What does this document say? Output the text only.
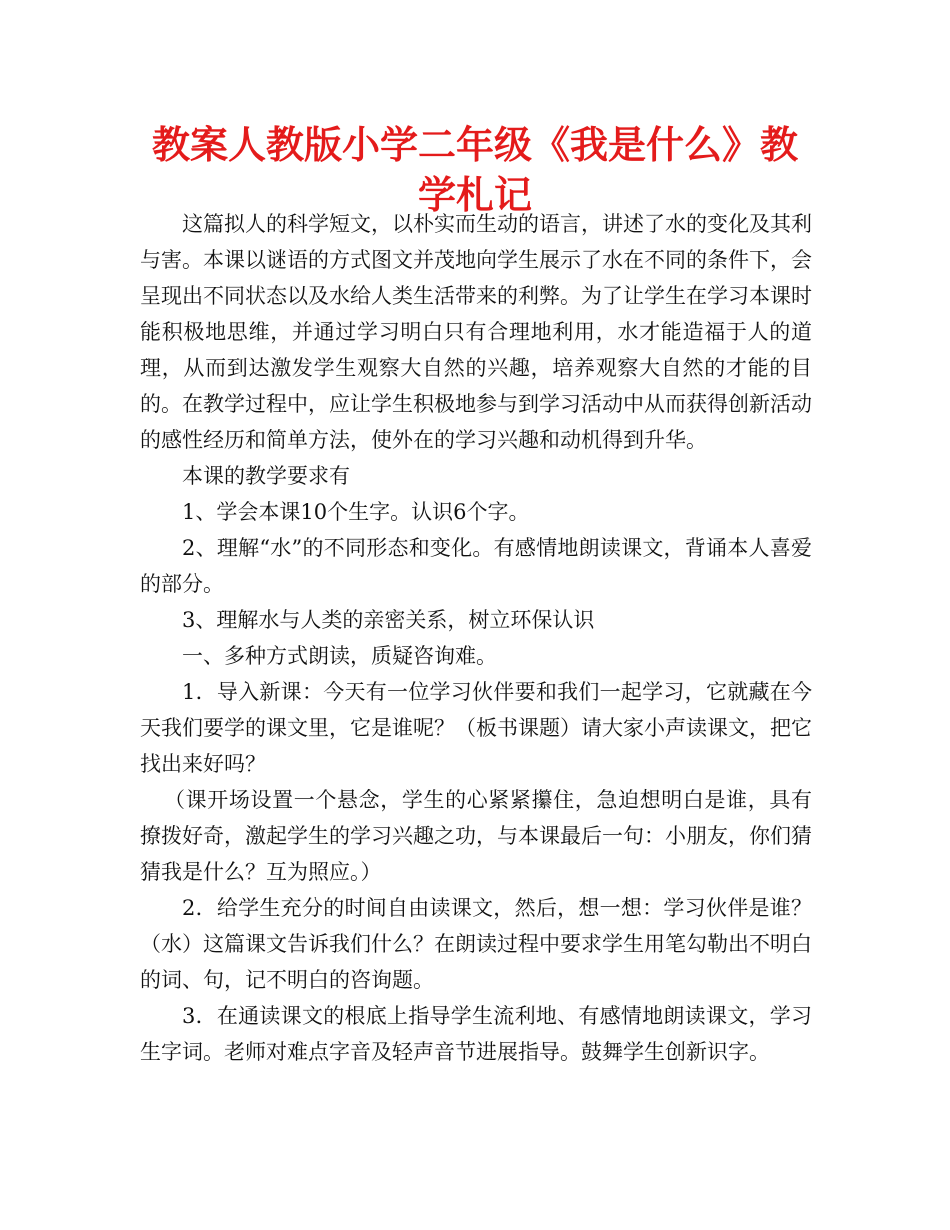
教案人教版小学二年级《我是什么》教学札记

这篇拟人的科学短文，以朴实而生动的语言，讲述了水的变化及其利与害。本课以谜语的方式图文并茂地向学生展示了水在不同的条件下，会呈现出不同状态以及水给人类生活带来的利弊。为了让学生在学习本课时能积极地思维，并通过学习明白只有合理地利用，水才能造福于人的道理，从而到达激发学生观察大自然的兴趣，培养观察大自然的才能的目的。在教学过程中，应让学生积极地参与到学习活动中从而获得创新活动的感性经历和简单方法，使外在的学习兴趣和动机得到升华。

本课的教学要求有

1、学会本课10个生字。认识6个字。

2、理解“水”的不同形态和变化。有感情地朗读课文，背诵本人喜爱的部分。

3、理解水与人类的亲密关系，树立环保认识

一、多种方式朗读，质疑咨询难。

1．导入新课：今天有一位学习伙伴要和我们一起学习，它就藏在今天我们要学的课文里，它是谁呢？（板书课题）请大家小声读课文，把它找出来好吗？

（课开场设置一个悬念，学生的心紧紧攥住，急迫想明白是谁，具有撩拨好奇，激起学生的学习兴趣之功，与本课最后一句：小朋友，你们猜猜我是什么？互为照应。）

2．给学生充分的时间自由读课文，然后，想一想：学习伙伴是谁？（水）这篇课文告诉我们什么？在朗读过程中要求学生用笔勾勒出不明白的词、句，记不明白的咨询题。

3．在通读课文的根底上指导学生流利地、有感情地朗读课文，学习生字词。老师对难点字音及轻声音节进展指导。鼓舞学生创新识字。
